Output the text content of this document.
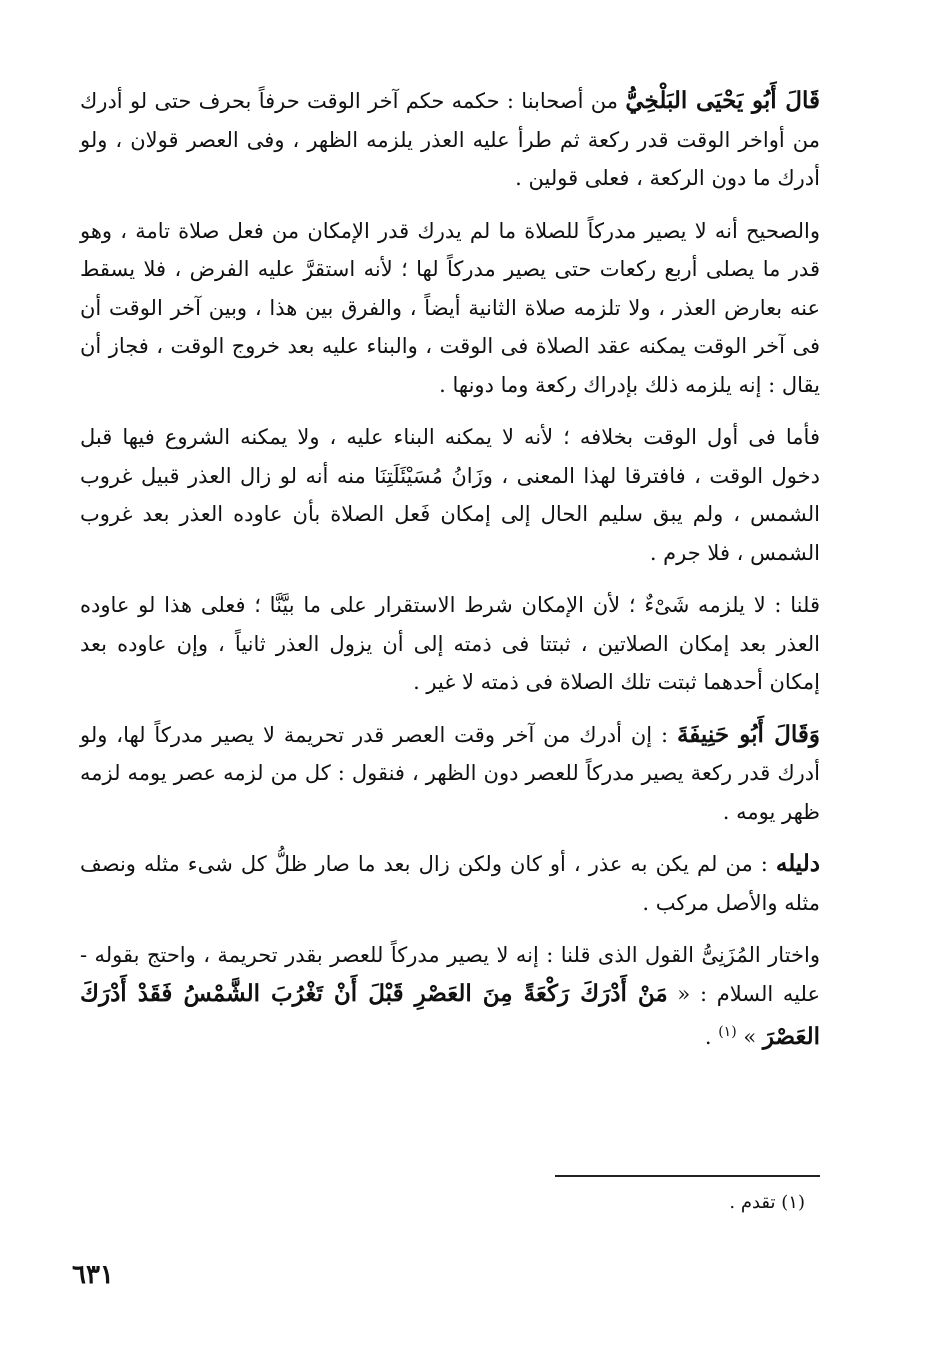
قَالَ أَبُو يَحْيَى البَلْخِيُّ من أصحابنا : حكمه حكم آخر الوقت حرفاً بحرف حتى لو أدرك من أواخر الوقت قدر ركعة ثم طرأ عليه العذر يلزمه الظهر ، وفى العصر قولان ، ولو أدرك ما دون الركعة ، فعلى قولين .

والصحيح أنه لا يصير مدركاً للصلاة ما لم يدرك قدر الإمكان من فعل صلاة تامة ، وهو قدر ما يصلى أربع ركعات حتى يصير مدركاً لها ؛ لأنه استقرَّ عليه الفرض ، فلا يسقط عنه بعارض العذر ، ولا تلزمه صلاة الثانية أيضاً ، والفرق بين هذا ، وبين آخر الوقت أن فى آخر الوقت يمكنه عقد الصلاة فى الوقت ، والبناء عليه بعد خروج الوقت ، فجاز أن يقال : إنه يلزمه ذلك بإدراك ركعة وما دونها .

فأما فى أول الوقت بخلافه ؛ لأنه لا يمكنه البناء عليه ، ولا يمكنه الشروع فيها قبل دخول الوقت ، فافترقا لهذا المعنى ، وزَانُ مُسَيْئَلَتِنَا منه أنه لو زال العذر قبيل غروب الشمس ، ولم يبق سليم الحال إلى إمكان فَعل الصلاة بأن عاوده العذر بعد غروب الشمس ، فلا جرم .

قلنا : لا يلزمه شَىْءٌ ؛ لأن الإمكان شرط الاستقرار على ما بيَّنَّا ؛ فعلى هذا لو عاوده العذر بعد إمكان الصلاتين ، ثبتتا فى ذمته إلى أن يزول العذر ثانياً ، وإن عاوده بعد إمكان أحدهما ثبتت تلك الصلاة فى ذمته لا غير .

وَقَالَ أَبُو حَنِيفَةَ : إن أدرك من آخر وقت العصر قدر تحريمة لا يصير مدركاً لها، ولو أدرك قدر ركعة يصير مدركاً للعصر دون الظهر ، فنقول : كل من لزمه عصر يومه لزمه ظهر يومه .

دليله : من لم يكن به عذر ، أو كان ولكن زال بعد ما صار ظلُّ كل شىء مثله ونصف مثله والأصل مركب .

واختار المُزَنِىُّ القول الذى قلنا : إنه لا يصير مدركاً للعصر بقدر تحريمة ، واحتج بقوله - عليه السلام : « مَنْ أَدْرَكَ رَكْعَةً مِنَ العَصْرِ قَبْلَ أَنْ تَغْرُبَ الشَّمْسُ فَقَدْ أَدْرَكَ العَصْرَ » $^{(١)}$ .

(١) تقدم .
٦٣١
